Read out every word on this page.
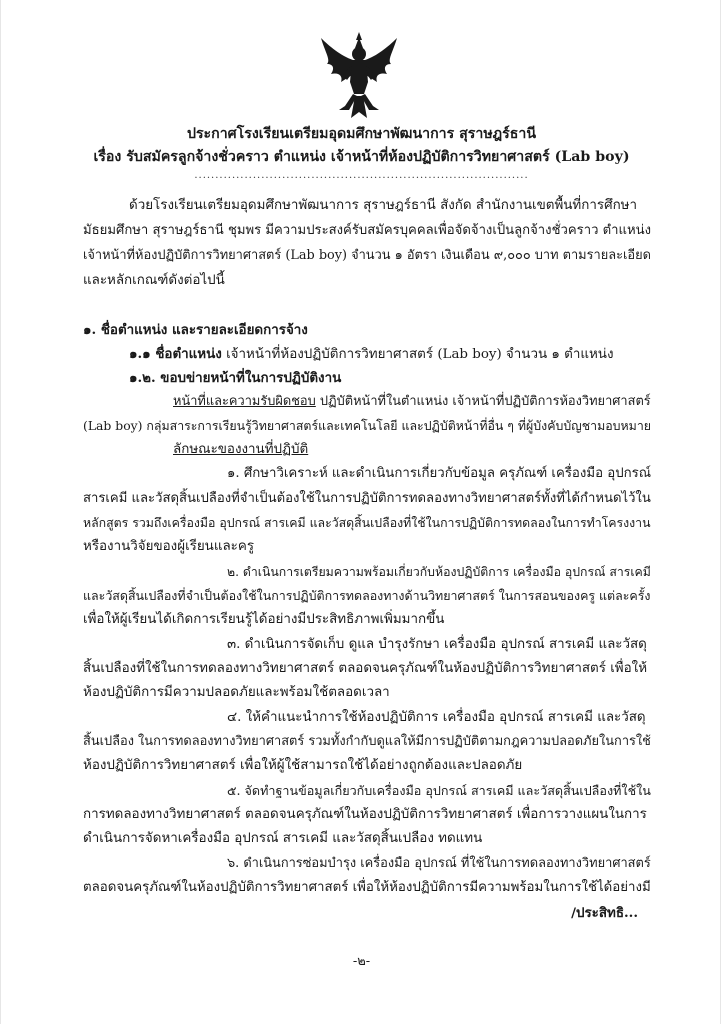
ประกาศโรงเรียนเตรียมอุดมศึกษาพัฒนาการ สุราษฎร์ธานี
เรื่อง รับสมัครลูกจ้างชั่วคราว ตำแหน่ง เจ้าหน้าที่ห้องปฏิบัติการวิทยาศาสตร์ (Lab boy)
................................................................................
ด้วยโรงเรียนเตรียมอุดมศึกษาพัฒนาการ สุราษฎร์ธานี สังกัด สำนักงานเขตพื้นที่การศึกษา
มัธยมศึกษา สุราษฎร์ธานี ชุมพร มีความประสงค์รับสมัครบุคคลเพื่อจัดจ้างเป็นลูกจ้างชั่วคราว ตำแหน่ง
เจ้าหน้าที่ห้องปฏิบัติการวิทยาศาสตร์ (Lab boy) จำนวน ๑ อัตรา เงินเดือน ๙,๐๐๐ บาท ตามรายละเอียด
และหลักเกณฑ์ดังต่อไปนี้
๑. ชื่อตำแหน่ง และรายละเอียดการจ้าง
๑.๑ ชื่อตำแหน่ง เจ้าหน้าที่ห้องปฏิบัติการวิทยาศาสตร์ (Lab boy) จำนวน ๑ ตำแหน่ง
๑.๒. ขอบข่ายหน้าที่ในการปฏิบัติงาน
หน้าที่และความรับผิดชอบ ปฏิบัติหน้าที่ในตำแหน่ง เจ้าหน้าที่ปฏิบัติการห้องวิทยาศาสตร์
(Lab boy) กลุ่มสาระการเรียนรู้วิทยาศาสตร์และเทคโนโลยี และปฏิบัติหน้าที่อื่น ๆ ที่ผู้บังคับบัญชามอบหมาย
ลักษณะของงานที่ปฏิบัติ
๑. ศึกษาวิเคราะห์ และดำเนินการเกี่ยวกับข้อมูล ครุภัณฑ์ เครื่องมือ อุปกรณ์
สารเคมี และวัสดุสิ้นเปลืองที่จำเป็นต้องใช้ในการปฏิบัติการทดลองทางวิทยาศาสตร์ทั้งที่ได้กำหนดไว้ใน
หลักสูตร รวมถึงเครื่องมือ อุปกรณ์ สารเคมี และวัสดุสิ้นเปลืองที่ใช้ในการปฏิบัติการทดลองในการทำโครงงาน
หรืองานวิจัยของผู้เรียนและครู
๒. ดำเนินการเตรียมความพร้อมเกี่ยวกับห้องปฏิบัติการ เครื่องมือ อุปกรณ์ สารเคมี
และวัสดุสิ้นเปลืองที่จำเป็นต้องใช้ในการปฏิบัติการทดลองทางด้านวิทยาศาสตร์ ในการสอนของครู แต่ละครั้ง
เพื่อให้ผู้เรียนได้เกิดการเรียนรู้ได้อย่างมีประสิทธิภาพเพิ่มมากขึ้น
๓. ดำเนินการจัดเก็บ ดูแล บำรุงรักษา เครื่องมือ อุปกรณ์ สารเคมี และวัสดุ
สิ้นเปลืองที่ใช้ในการทดลองทางวิทยาศาสตร์ ตลอดจนครุภัณฑ์ในห้องปฏิบัติการวิทยาศาสตร์ เพื่อให้
ห้องปฏิบัติการมีความปลอดภัยและพร้อมใช้ตลอดเวลา
๔. ให้คำแนะนำการใช้ห้องปฏิบัติการ เครื่องมือ อุปกรณ์ สารเคมี และวัสดุ
สิ้นเปลือง ในการทดลองทางวิทยาศาสตร์ รวมทั้งกำกับดูแลให้มีการปฏิบัติตามกฎความปลอดภัยในการใช้
ห้องปฏิบัติการวิทยาศาสตร์ เพื่อให้ผู้ใช้สามารถใช้ได้อย่างถูกต้องและปลอดภัย
๕. จัดทำฐานข้อมูลเกี่ยวกับเครื่องมือ อุปกรณ์ สารเคมี และวัสดุสิ้นเปลืองที่ใช้ใน
การทดลองทางวิทยาศาสตร์ ตลอดจนครุภัณฑ์ในห้องปฏิบัติการวิทยาศาสตร์ เพื่อการวางแผนในการ
ดำเนินการจัดหาเครื่องมือ อุปกรณ์ สารเคมี และวัสดุสิ้นเปลือง ทดแทน
๖. ดำเนินการซ่อมบำรุง เครื่องมือ อุปกรณ์ ที่ใช้ในการทดลองทางวิทยาศาสตร์
ตลอดจนครุภัณฑ์ในห้องปฏิบัติการวิทยาศาสตร์ เพื่อให้ห้องปฏิบัติการมีความพร้อมในการใช้ได้อย่างมี
/ประสิทธิ...
-๒-
